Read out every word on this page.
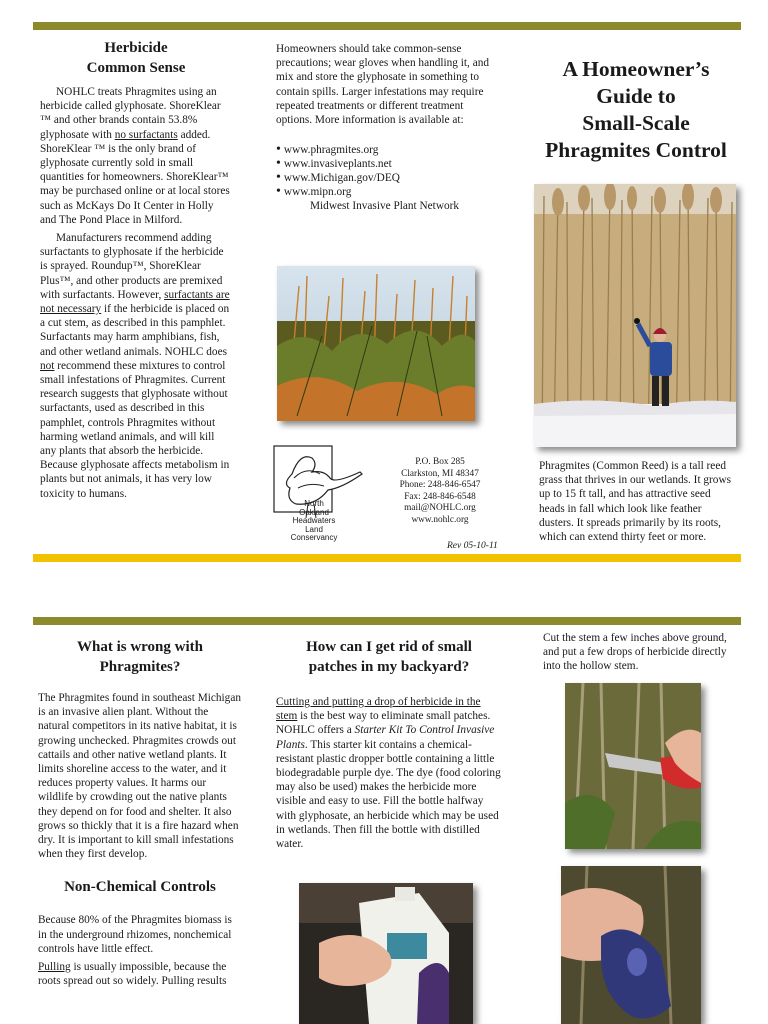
Herbicide
Common Sense

NOHLC treats Phragmites using an herbicide called glyphosate. ShoreKlear ™ and other brands contain 53.8% glyphosate with no surfactants added. ShoreKlear ™ is the only brand of glyphosate currently sold in small quantities for homeowners. ShoreKlear™ may be purchased online or at local stores such as McKays Do It Center in Holly and The Pond Place in Milford.

Manufacturers recommend adding surfactants to glyphosate if the herbicide is sprayed. Roundup™, ShoreKlear Plus™, and other products are premixed with surfactants. However, surfactants are not necessary if the herbicide is placed on a cut stem, as described in this pamphlet. Surfactants may harm amphibians, fish, and other wetland animals. NOHLC does not recommend these mixtures to control small infestations of Phragmites. Current research suggests that glyphosate without surfactants, used as described in this pamphlet, controls Phragmites without harming wetland animals, and will kill any plants that absorb the herbicide. Because glyphosate affects metabolism in plants but not animals, it has very low toxicity to humans.

Homeowners should take common-sense precautions; wear gloves when handling it, and mix and store the glyphosate in something to contain spills. Larger infestations may require repeated treatments or different treatment options. More information is available at:

• www.phragmites.org
• www.invasiveplants.net
• www.Michigan.gov/DEQ
• www.mipn.org
Midwest Invasive Plant Network
North
Oakland
Headwaters
Land
Conservancy
P.O. Box 285
Clarkston, MI 48347
Phone: 248-846-6547
Fax: 248-846-6548
mail@NOHLC.org
www.nohlc.org
Rev 05-10-11
A Homeowner’s
Guide to
Small-Scale
Phragmites Control
Phragmites (Common Reed) is a tall reed grass that thrives in our wetlands. It grows up to 15 ft tall, and has attractive seed heads in fall which look like feather dusters. It spreads primarily by its roots, which can extend thirty feet or more.
What is wrong with
Phragmites?
The Phragmites found in southeast Michigan is an invasive alien plant. Without the natural competitors in its native habitat, it is growing unchecked. Phragmites crowds out cattails and other native wetland plants. It limits shoreline access to the water, and it reduces property values. It harms our wildlife by crowding out the native plants they depend on for food and shelter. It also grows so thickly that it is a fire hazard when dry. It is important to kill small infestations when they first develop.
Non-Chemical Controls

Because 80% of the Phragmites biomass is in the underground rhizomes, nonchemical controls have little effect.

Pulling is usually impossible, because the roots spread out so widely. Pulling results

How can I get rid of small
patches in my backyard?
Cutting and putting a drop of herbicide in the stem is the best way to eliminate small patches. NOHLC offers a Starter Kit To Control Invasive Plants. This starter kit contains a chemical-resistant plastic dropper bottle containing a little biodegradable purple dye. The dye (food coloring may also be used) makes the herbicide more visible and easy to use. Fill the bottle halfway with glyphosate, an herbicide which may be used in wetlands. Then fill the bottle with distilled water.
Cut the stem a few inches above ground, and put a few drops of herbicide directly into the hollow stem.
